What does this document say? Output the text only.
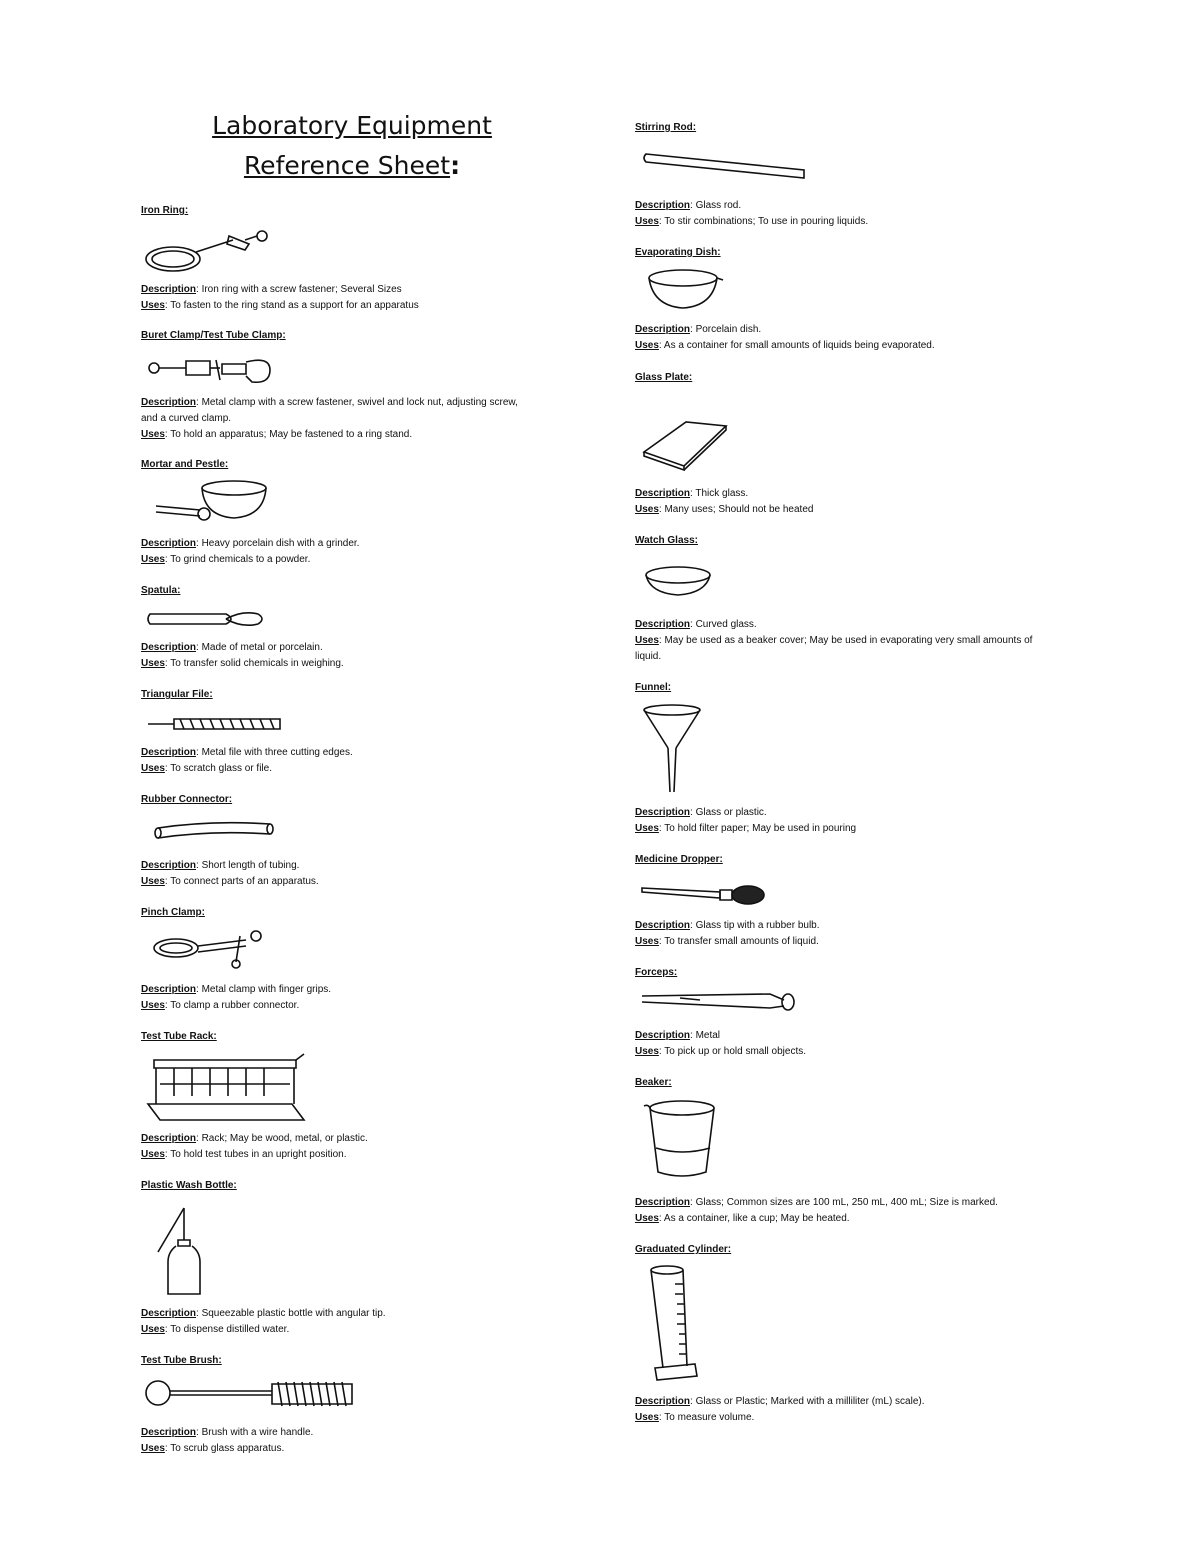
Laboratory Equipment
Reference Sheet:
Iron Ring:
Description: Iron ring with a screw fastener; Several Sizes
Uses: To fasten to the ring stand as a support for an apparatus
Buret Clamp/Test Tube Clamp:
Description: Metal clamp with a screw fastener, swivel and lock nut, adjusting screw,
and a curved clamp.
Uses: To hold an apparatus; May be fastened to a ring stand.
Mortar and Pestle:
Description: Heavy porcelain dish with a grinder.
Uses: To grind chemicals to a powder.
Spatula:
Description: Made of metal or porcelain.
Uses: To transfer solid chemicals in weighing.
Triangular File:
Description: Metal file with three cutting edges.
Uses: To scratch glass or file.
Rubber Connector:
Description: Short length of tubing.
Uses: To connect parts of an apparatus.
Pinch Clamp:
Description: Metal clamp with finger grips.
Uses: To clamp a rubber connector.
Test Tube Rack:
Description: Rack; May be wood, metal, or plastic.
Uses: To hold test tubes in an upright position.
Plastic Wash Bottle:
Description: Squeezable plastic bottle with angular tip.
Uses: To dispense distilled water.
Test Tube Brush:
Description: Brush with a wire handle.
Uses: To scrub glass apparatus.
Stirring Rod:
Description: Glass rod.
Uses: To stir combinations; To use in pouring liquids.
Evaporating Dish:
Description: Porcelain dish.
Uses: As a container for small amounts of liquids being evaporated.
Glass Plate:
Description: Thick glass.
Uses: Many uses; Should not be heated
Watch Glass:
Description: Curved glass.
Uses: May be used as a beaker cover; May be used in evaporating very small amounts of
liquid.
Funnel:
Description: Glass or plastic.
Uses: To hold filter paper; May be used in pouring
Medicine Dropper:
Description: Glass tip with a rubber bulb.
Uses: To transfer small amounts of liquid.
Forceps:
Description: Metal
Uses: To pick up or hold small objects.
Beaker:
Description: Glass; Common sizes are 100 mL, 250 mL, 400 mL; Size is marked.
Uses: As a container, like a cup; May be heated.
Graduated Cylinder:
Description: Glass or Plastic; Marked with a milliliter (mL) scale).
Uses: To measure volume.
